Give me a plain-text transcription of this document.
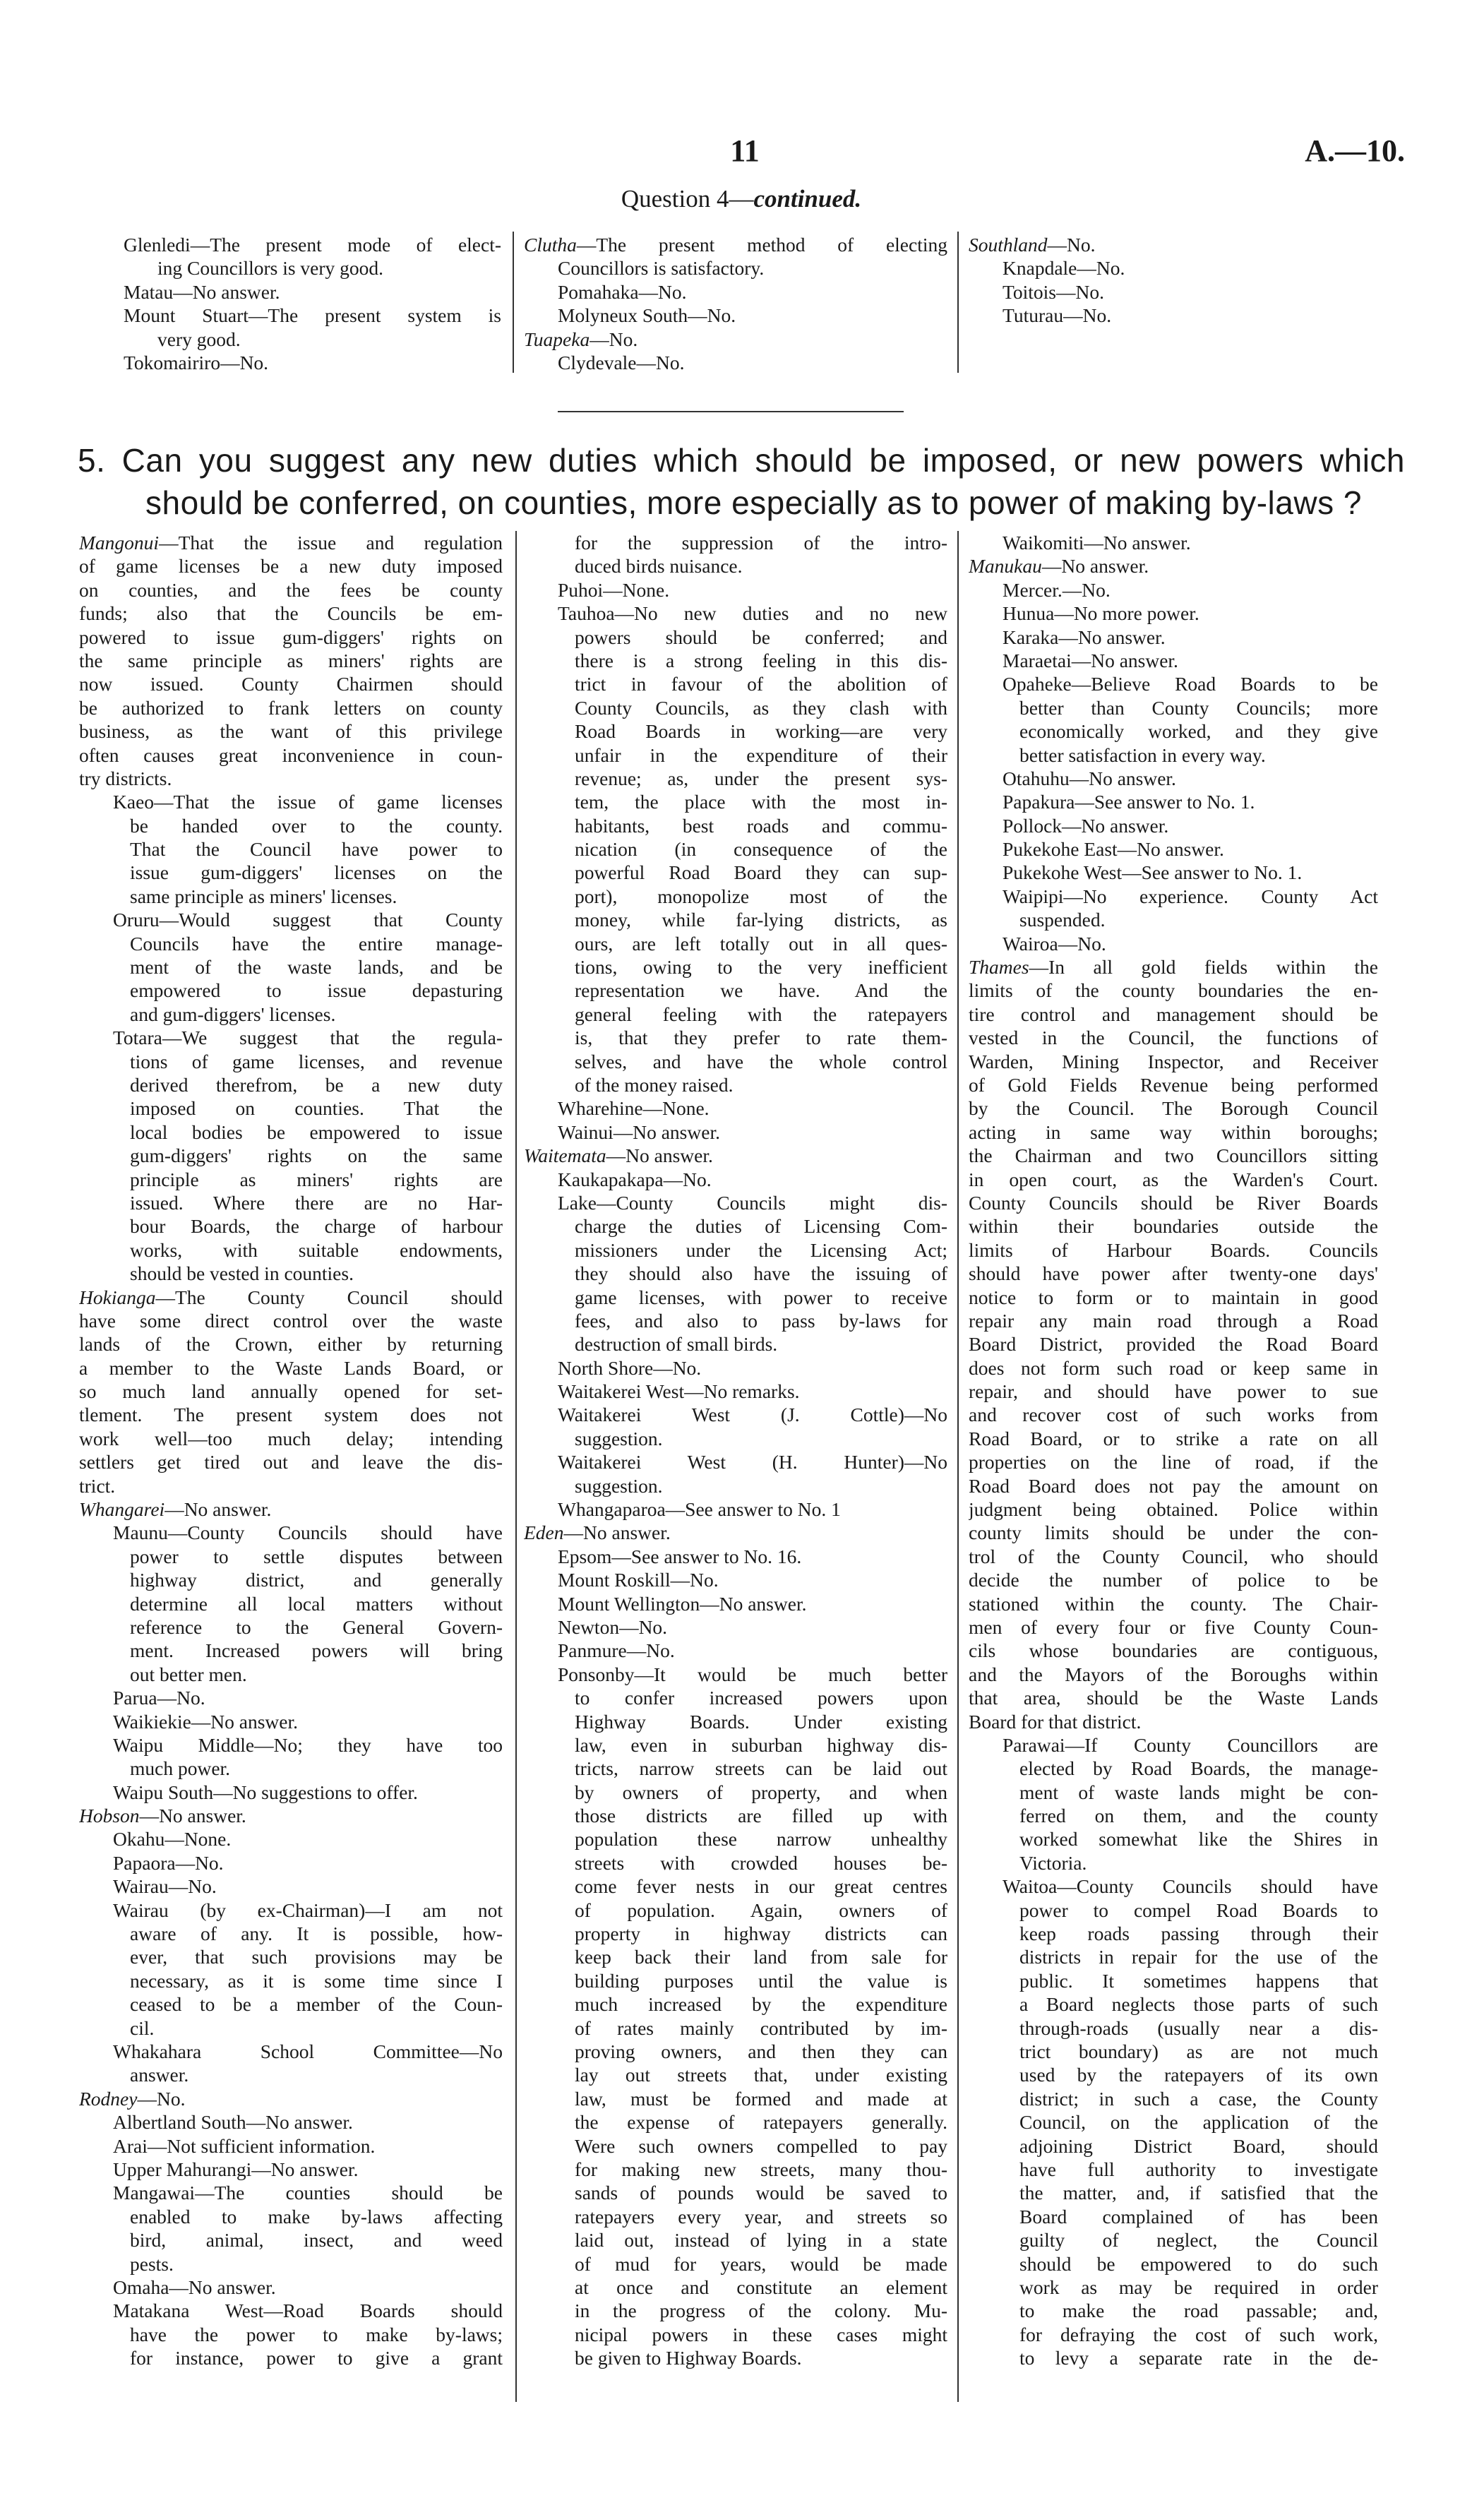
11	A.—10.
Question 4—continued.
Glenledi—The present mode of elect-
ing Councillors is very good.
Matau—No answer.
Mount Stuart—The present system is
very good.
Tokomairiro—No.
Clutha—The present method of electing
Councillors is satisfactory.
Pomahaka—No.
Molyneux South—No.
Tuapeka—No.
Clydevale—No.
Southland—No.
Knapdale—No.
Toitois—No.
Tuturau—No.
5. Can you suggest any new duties which should be imposed, or new powers which
should be conferred, on counties, more especially as to power of making by-laws ?
Mangonui—That the issue and regulation
of game licenses be a new duty imposed
on counties, and the fees be county
funds; also that the Councils be em-
powered to issue gum-diggers' rights on
the same principle as miners' rights are
now issued. County Chairmen should
be authorized to frank letters on county
business, as the want of this privilege
often causes great inconvenience in coun-
try districts.
Kaeo—That the issue of game licenses
be handed over to the county.
That the Council have power to
issue gum-diggers' licenses on the
same principle as miners' licenses.
Oruru—Would suggest that County
Councils have the entire manage-
ment of the waste lands, and be
empowered to issue depasturing
and gum-diggers' licenses.
Totara—We suggest that the regula-
tions of game licenses, and revenue
derived therefrom, be a new duty
imposed on counties. That the
local bodies be empowered to issue
gum-diggers' rights on the same
principle as miners' rights are
issued. Where there are no Har-
bour Boards, the charge of harbour
works, with suitable endowments,
should be vested in counties.
Hokianga—The County Council should
have some direct control over the waste
lands of the Crown, either by returning
a member to the Waste Lands Board, or
so much land annually opened for set-
tlement. The present system does not
work well—too much delay; intending
settlers get tired out and leave the dis-
trict.
Whangarei—No answer.
Maunu—County Councils should have
power to settle disputes between
highway district, and generally
determine all local matters without
reference to the General Govern-
ment. Increased powers will bring
out better men.
Parua—No.
Waikiekie—No answer.
Waipu Middle—No; they have too
much power.
Waipu South—No suggestions to offer.
Hobson—No answer.
Okahu—None.
Papaora—No.
Wairau—No.
Wairau (by ex-Chairman)—I am not
aware of any. It is possible, how-
ever, that such provisions may be
necessary, as it is some time since I
ceased to be a member of the Coun-
cil.
Whakahara School Committee—No
answer.
Rodney—No.
Albertland South—No answer.
Arai—Not sufficient information.
Upper Mahurangi—No answer.
Mangawai—The counties should be
enabled to make by-laws affecting
bird, animal, insect, and weed
pests.
Omaha—No answer.
Matakana West—Road Boards should
have the power to make by-laws;
for instance, power to give a grant
for the suppression of the intro-
duced birds nuisance.
Puhoi—None.
Tauhoa—No new duties and no new
powers should be conferred; and
there is a strong feeling in this dis-
trict in favour of the abolition of
County Councils, as they clash with
Road Boards in working—are very
unfair in the expenditure of their
revenue; as, under the present sys-
tem, the place with the most in-
habitants, best roads and commu-
nication (in consequence of the
powerful Road Board they can sup-
port), monopolize most of the
money, while far-lying districts, as
ours, are left totally out in all ques-
tions, owing to the very inefficient
representation we have. And the
general feeling with the ratepayers
is, that they prefer to rate them-
selves, and have the whole control
of the money raised.
Wharehine—None.
Wainui—No answer.
Waitemata—No answer.
Kaukapakapa—No.
Lake—County Councils might dis-
charge the duties of Licensing Com-
missioners under the Licensing Act;
they should also have the issuing of
game licenses, with power to receive
fees, and also to pass by-laws for
destruction of small birds.
North Shore—No.
Waitakerei West—No remarks.
Waitakerei West (J. Cottle)—No
suggestion.
Waitakerei West (H. Hunter)—No
suggestion.
Whangaparoa—See answer to No. 1
Eden—No answer.
Epsom—See answer to No. 16.
Mount Roskill—No.
Mount Wellington—No answer.
Newton—No.
Panmure—No.
Ponsonby—It would be much better
to confer increased powers upon
Highway Boards. Under existing
law, even in suburban highway dis-
tricts, narrow streets can be laid out
by owners of property, and when
those districts are filled up with
population these narrow unhealthy
streets with crowded houses be-
come fever nests in our great centres
of population. Again, owners of
property in highway districts can
keep back their land from sale for
building purposes until the value is
much increased by the expenditure
of rates mainly contributed by im-
proving owners, and then they can
lay out streets that, under existing
law, must be formed and made at
the expense of ratepayers generally.
Were such owners compelled to pay
for making new streets, many thou-
sands of pounds would be saved to
ratepayers every year, and streets so
laid out, instead of lying in a state
of mud for years, would be made
at once and constitute an element
in the progress of the colony. Mu-
nicipal powers in these cases might
be given to Highway Boards.
Waikomiti—No answer.
Manukau—No answer.
Mercer.—No.
Hunua—No more power.
Karaka—No answer.
Maraetai—No answer.
Opaheke—Believe Road Boards to be
better than County Councils; more
economically worked, and they give
better satisfaction in every way.
Otahuhu—No answer.
Papakura—See answer to No. 1.
Pollock—No answer.
Pukekohe East—No answer.
Pukekohe West—See answer to No. 1.
Waipipi—No experience. County Act
suspended.
Wairoa—No.
Thames—In all gold fields within the
limits of the county boundaries the en-
tire control and management should be
vested in the Council, the functions of
Warden, Mining Inspector, and Receiver
of Gold Fields Revenue being performed
by the Council. The Borough Council
acting in same way within boroughs;
the Chairman and two Councillors sitting
in open court, as the Warden's Court.
County Councils should be River Boards
within their boundaries outside the
limits of Harbour Boards. Councils
should have power after twenty-one days'
notice to form or to maintain in good
repair any main road through a Road
Board District, provided the Road Board
does not form such road or keep same in
repair, and should have power to sue
and recover cost of such works from
Road Board, or to strike a rate on all
properties on the line of road, if the
Road Board does not pay the amount on
judgment being obtained. Police within
county limits should be under the con-
trol of the County Council, who should
decide the number of police to be
stationed within the county. The Chair-
men of every four or five County Coun-
cils whose boundaries are contiguous,
and the Mayors of the Boroughs within
that area, should be the Waste Lands
Board for that district.
Parawai—If County Councillors are
elected by Road Boards, the manage-
ment of waste lands might be con-
ferred on them, and the county
worked somewhat like the Shires in
Victoria.
Waitoa—County Councils should have
power to compel Road Boards to
keep roads passing through their
districts in repair for the use of the
public. It sometimes happens that
a Board neglects those parts of such
through-roads (usually near a dis-
trict boundary) as are not much
used by the ratepayers of its own
district; in such a case, the County
Council, on the application of the
adjoining District Board, should
have full authority to investigate
the matter, and, if satisfied that the
Board complained of has been
guilty of neglect, the Council
should be empowered to do such
work as may be required in order
to make the road passable; and,
for defraying the cost of such work,
to levy a separate rate in the de-
